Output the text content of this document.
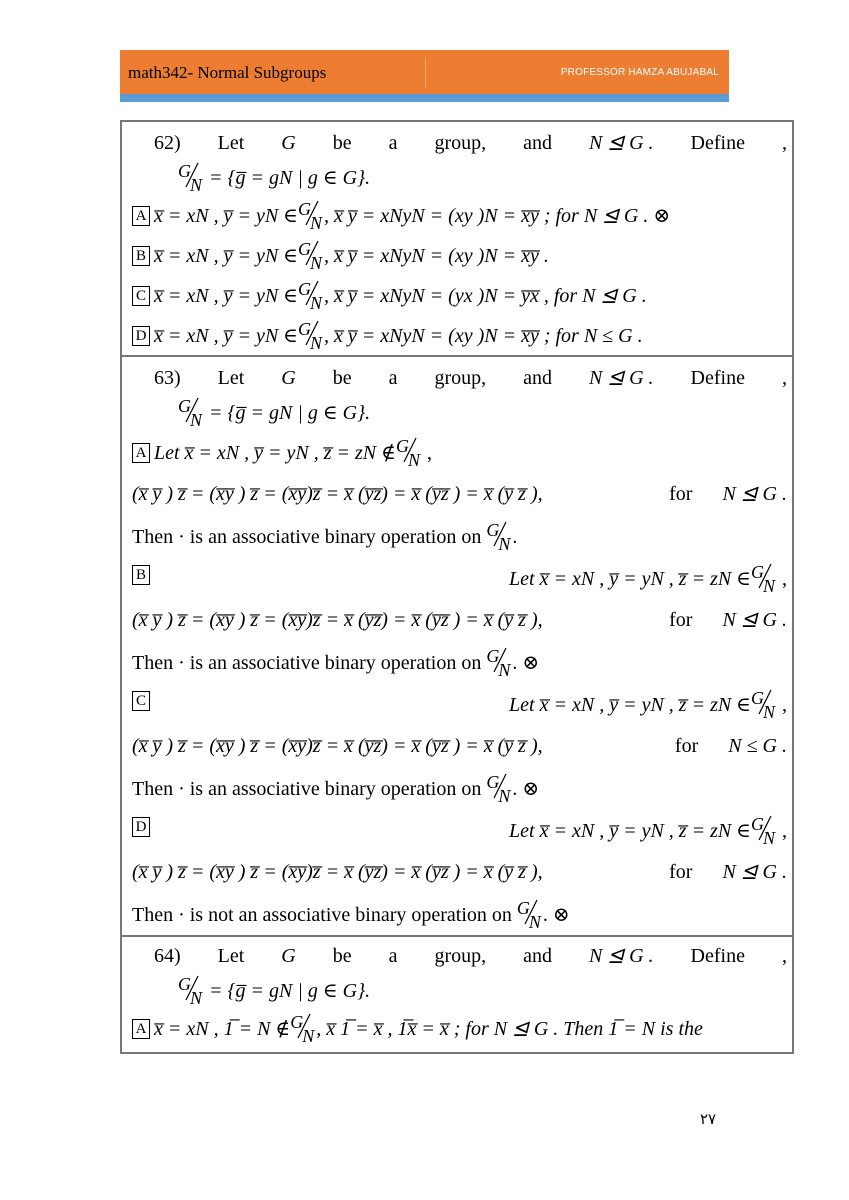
math342- Normal Subgroups	PROFESSOR HAMZA ABUJABAL
62) Let G be a group, and N ⊴ G . Define ,
G
N = {g̅ = gN | g ∈ G}.
A x̅ = xN , y̅ = yN ∈ G
N , x̅ y̅ = xNyN = (xy )N = x̅y̅ ; for N ⊴ G . ⊗
B x̅ = xN , y̅ = yN ∈ G
N , x̅ y̅ = xNyN = (xy )N = x̅y̅ .
C x̅ = xN , y̅ = yN ∈ G
N , x̅ y̅ = xNyN = (yx )N = y̅x̅ , for N ⊴ G .
D x̅ = xN , y̅ = yN ∈ G
N , x̅ y̅ = xNyN = (xy )N = x̅y̅ ; for N ≤ G .
63) Let G be a group, and N ⊴ G . Define ,
G
N = {g̅ = gN | g ∈ G}.
A Let x̅ = xN , y̅ = yN , z̅ = zN ∉ G
N ,
(x̅ y̅ ) z̅ = (x̅y̅ ) z̅ = (x̅y̅)z̅ = x̅ (y̅z̅) = x̅ (y̅z̅ ) = x̅ (y̅ z̅ ),	for N ⊴ G .
Then · is an associative binary operation on G
N .
B	Let x̅ = xN , y̅ = yN , z̅ = zN ∈ G
N ,
(x̅ y̅ ) z̅ = (x̅y̅ ) z̅ = (x̅y̅)z̅ = x̅ (y̅z̅) = x̅ (y̅z̅ ) = x̅ (y̅ z̅ ),	for N ⊴ G .
Then · is an associative binary operation on G
N . ⊗
C	Let x̅ = xN , y̅ = yN , z̅ = zN ∈ G
N ,
(x̅ y̅ ) z̅ = (x̅y̅ ) z̅ = (x̅y̅)z̅ = x̅ (y̅z̅) = x̅ (y̅z̅ ) = x̅ (y̅ z̅ ),	for N ≤ G .
Then · is an associative binary operation on G
N . ⊗
D	Let x̅ = xN , y̅ = yN , z̅ = zN ∈ G
N ,
(x̅ y̅ ) z̅ = (x̅y̅ ) z̅ = (x̅y̅)z̅ = x̅ (y̅z̅) = x̅ (y̅z̅ ) = x̅ (y̅ z̅ ),	for N ⊴ G .
Then · is not an associative binary operation on G
N . ⊗
64) Let G be a group, and N ⊴ G . Define ,
G
N = {g̅ = gN | g ∈ G}.
A x̅ = xN , 1̅ = N ∉ G
N , x̅ 1̅ = x̅ , 1̅x̅ = x̅ ; for N ⊴ G . Then 1̅ = N is the
٢٧
